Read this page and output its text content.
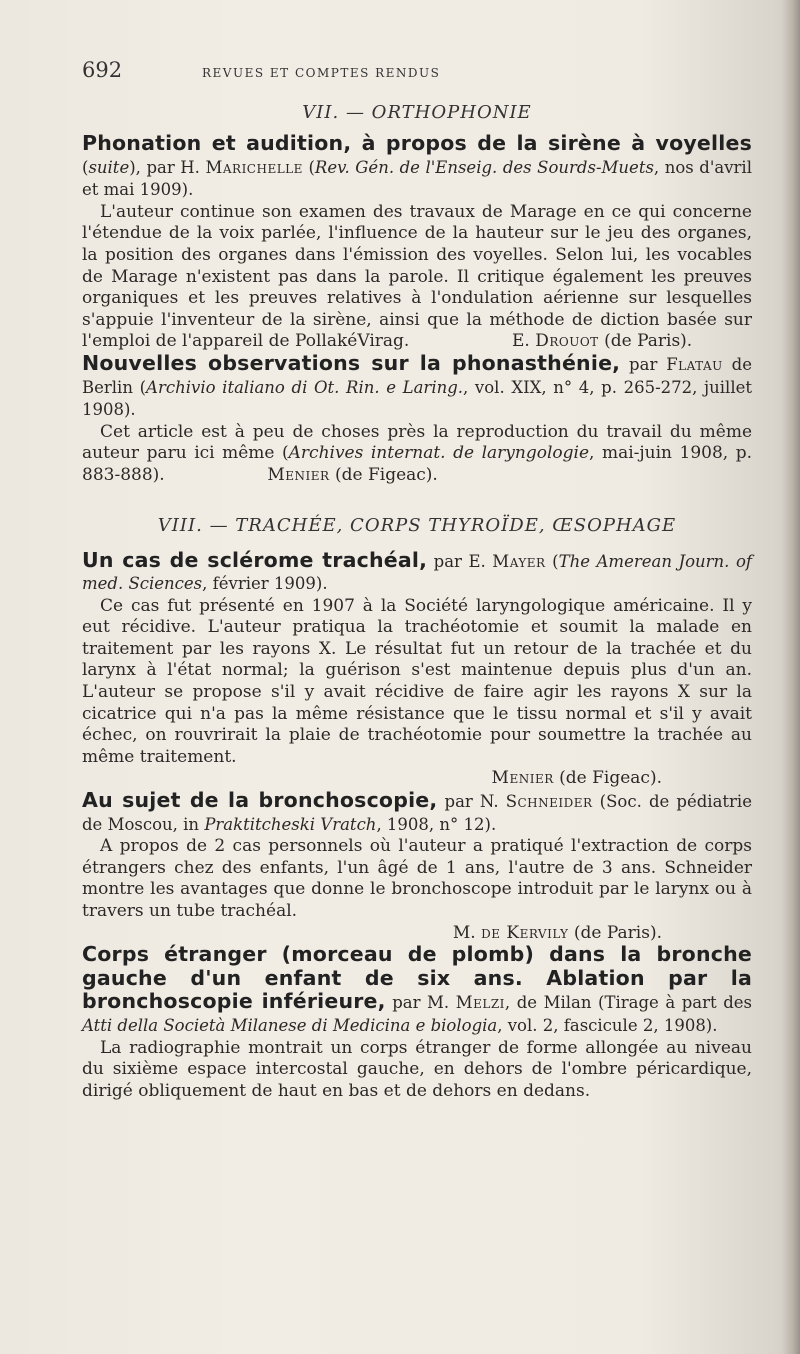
692	REVUES ET COMPTES RENDUS
VII. — ORTHOPHONIE

Phonation et audition, à propos de la sirène à voyelles (suite), par H. Marichelle (Rev. Gén. de l'Enseig. des Sourds-Muets, nos d'avril et mai 1909).

L'auteur continue son examen des travaux de Marage en ce qui concerne l'étendue de la voix parlée, l'influence de la hauteur sur le jeu des organes, la position des organes dans l'émission des voyelles. Selon lui, les vocables de Marage n'existent pas dans la parole. Il critique également les preuves organiques et les preuves relatives à l'ondulation aérienne sur lesquelles s'appuie l'inventeur de la sirène, ainsi que la méthode de diction basée sur l'emploi de l'appareil de PollakéVirag.	E. Drouot (de Paris).

Nouvelles observations sur la phonasthénie, par Flatau de Berlin (Archivio italiano di Ot. Rin. e Laring., vol. XIX, n° 4, p. 265-272, juillet 1908).

Cet article est à peu de choses près la reproduction du travail du même auteur paru ici même (Archives internat. de laryngologie, mai-juin 1908, p. 883-888).	Menier (de Figeac).

VIII. — TRACHÉE, CORPS THYROÏDE, ŒSOPHAGE

Un cas de sclérome trachéal, par E. Mayer (The Amerean Journ. of med. Sciences, février 1909).

Ce cas fut présenté en 1907 à la Société laryngologique américaine. Il y eut récidive. L'auteur pratiqua la trachéotomie et soumit la malade en traitement par les rayons X. Le résultat fut un retour de la trachée et du larynx à l'état normal; la guérison s'est maintenue depuis plus d'un an. L'auteur se propose s'il y avait récidive de faire agir les rayons X sur la cicatrice qui n'a pas la même résistance que le tissu normal et s'il y avait échec, on rouvrirait la plaie de trachéotomie pour soumettre la trachée au même traitement.

Menier (de Figeac).

Au sujet de la bronchoscopie, par N. Schneider (Soc. de pédiatrie de Moscou, in Praktitcheski Vratch, 1908, n° 12).

A propos de 2 cas personnels où l'auteur a pratiqué l'extraction de corps étrangers chez des enfants, l'un âgé de 1 ans, l'autre de 3 ans. Schneider montre les avantages que donne le bronchoscope introduit par le larynx ou à travers un tube trachéal.

M. de Kervily (de Paris).

Corps étranger (morceau de plomb) dans la bronche gauche d'un enfant de six ans. Ablation par la bronchoscopie inférieure, par M. Melzi, de Milan (Tirage à part des Atti della Società Milanese di Medicina e biologia, vol. 2, fascicule 2, 1908).

La radiographie montrait un corps étranger de forme allongée au niveau du sixième espace intercostal gauche, en dehors de l'ombre péricardique, dirigé obliquement de haut en bas et de dehors en dedans.
